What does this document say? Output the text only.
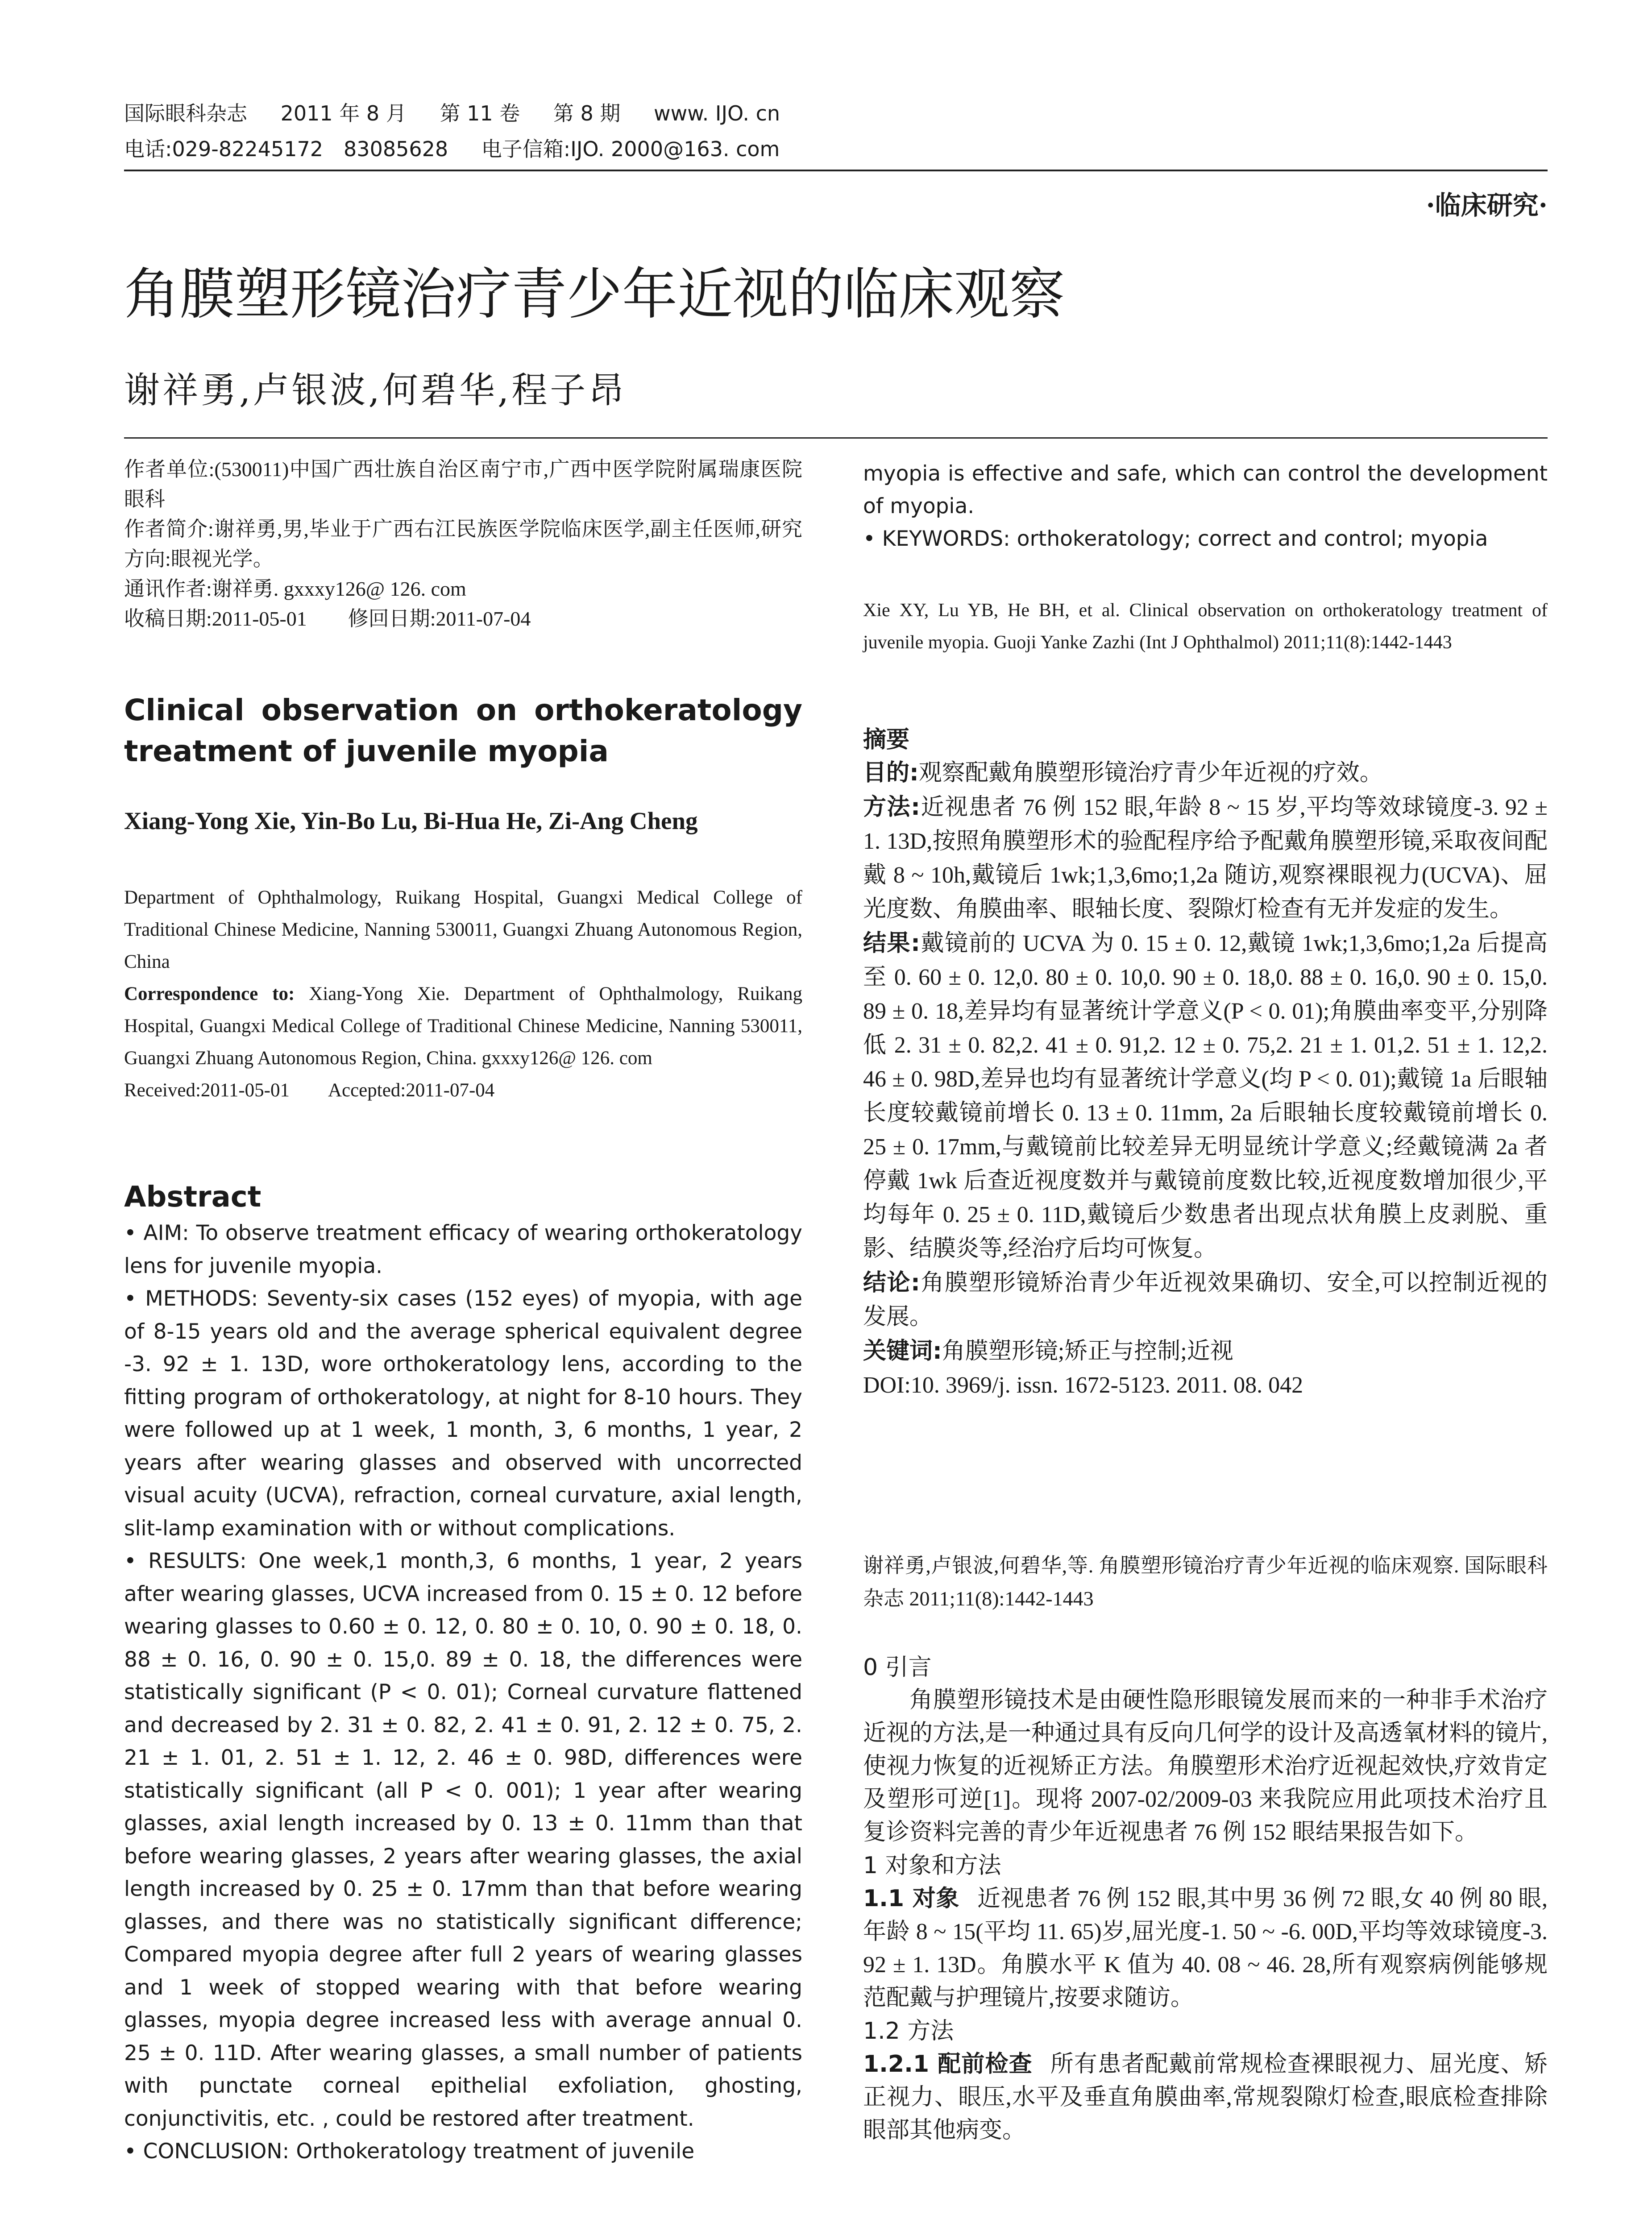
国际眼科杂志 2011 年 8 月 第 11 卷 第 8 期 www. IJO. cn
电话:029-82245172　83085628 电子信箱:IJO. 2000@163. com
·临床研究·
角膜塑形镜治疗青少年近视的临床观察
谢祥勇,卢银波,何碧华,程子昂

作者单位:(530011)中国广西壮族自治区南宁市,广西中医学院附属瑞康医院眼科

作者简介:谢祥勇,男,毕业于广西右江民族医学院临床医学,副主任医师,研究方向:眼视光学。

通讯作者:谢祥勇. gxxxy126@ 126. com

收稿日期:2011-05-01　　修回日期:2011-07-04

Clinical observation on orthokeratology treatment of juvenile myopia
Xiang-Yong Xie, Yin-Bo Lu, Bi-Hua He, Zi-Ang Cheng

Department of Ophthalmology, Ruikang Hospital, Guangxi Medical College of Traditional Chinese Medicine, Nanning 530011, Guangxi Zhuang Autonomous Region, China

Correspondence to: Xiang-Yong Xie. Department of Ophthalmology, Ruikang Hospital, Guangxi Medical College of Traditional Chinese Medicine, Nanning 530011, Guangxi Zhuang Autonomous Region, China. gxxxy126@ 126. com

Received:2011-05-01　　Accepted:2011-07-04

Abstract

• AIM: To observe treatment efficacy of wearing orthokeratology lens for juvenile myopia.

• METHODS: Seventy-six cases (152 eyes) of myopia, with age of 8-15 years old and the average spherical equivalent degree -3. 92 ± 1. 13D, wore orthokeratology lens, according to the fitting program of orthokeratology, at night for 8-10 hours. They were followed up at 1 week, 1 month, 3, 6 months, 1 year, 2 years after wearing glasses and observed with uncorrected visual acuity (UCVA), refraction, corneal curvature, axial length, slit-lamp examination with or without complications.

• RESULTS: One week,1 month,3, 6 months, 1 year, 2 years after wearing glasses, UCVA increased from 0. 15 ± 0. 12 before wearing glasses to 0.60 ± 0. 12, 0. 80 ± 0. 10, 0. 90 ± 0. 18, 0. 88 ± 0. 16, 0. 90 ± 0. 15,0. 89 ± 0. 18, the differences were statistically significant (P < 0. 01); Corneal curvature flattened and decreased by 2. 31 ± 0. 82, 2. 41 ± 0. 91, 2. 12 ± 0. 75, 2. 21 ± 1. 01, 2. 51 ± 1. 12, 2. 46 ± 0. 98D, differences were statistically significant (all P < 0. 001); 1 year after wearing glasses, axial length increased by 0. 13 ± 0. 11mm than that before wearing glasses, 2 years after wearing glasses, the axial length increased by 0. 25 ± 0. 17mm than that before wearing glasses, and there was no statistically significant difference; Compared myopia degree after full 2 years of wearing glasses and 1 week of stopped wearing with that before wearing glasses, myopia degree increased less with average annual 0. 25 ± 0. 11D. After wearing glasses, a small number of patients with punctate corneal epithelial exfoliation, ghosting, conjunctivitis, etc. , could be restored after treatment.

• CONCLUSION: Orthokeratology treatment of juvenile

myopia is effective and safe, which can control the development of myopia.

• KEYWORDS: orthokeratology; correct and control; myopia

Xie XY, Lu YB, He BH, et al. Clinical observation on orthokeratology treatment of juvenile myopia. Guoji Yanke Zazhi (Int J Ophthalmol) 2011;11(8):1442-1443
摘要

目的:观察配戴角膜塑形镜治疗青少年近视的疗效。

方法:近视患者 76 例 152 眼,年龄 8 ~ 15 岁,平均等效球镜度-3. 92 ± 1. 13D,按照角膜塑形术的验配程序给予配戴角膜塑形镜,采取夜间配戴 8 ~ 10h,戴镜后 1wk;1,3,6mo;1,2a 随访,观察裸眼视力(UCVA)、屈光度数、角膜曲率、眼轴长度、裂隙灯检查有无并发症的发生。

结果:戴镜前的 UCVA 为 0. 15 ± 0. 12,戴镜 1wk;1,3,6mo;1,2a 后提高至 0. 60 ± 0. 12,0. 80 ± 0. 10,0. 90 ± 0. 18,0. 88 ± 0. 16,0. 90 ± 0. 15,0. 89 ± 0. 18,差异均有显著统计学意义(P < 0. 01);角膜曲率变平,分别降低 2. 31 ± 0. 82,2. 41 ± 0. 91,2. 12 ± 0. 75,2. 21 ± 1. 01,2. 51 ± 1. 12,2. 46 ± 0. 98D,差异也均有显著统计学意义(均 P < 0. 01);戴镜 1a 后眼轴长度较戴镜前增长 0. 13 ± 0. 11mm, 2a 后眼轴长度较戴镜前增长 0. 25 ± 0. 17mm,与戴镜前比较差异无明显统计学意义;经戴镜满 2a 者停戴 1wk 后查近视度数并与戴镜前度数比较,近视度数增加很少,平均每年 0. 25 ± 0. 11D,戴镜后少数患者出现点状角膜上皮剥脱、重影、结膜炎等,经治疗后均可恢复。

结论:角膜塑形镜矫治青少年近视效果确切、安全,可以控制近视的发展。

关键词:角膜塑形镜;矫正与控制;近视

DOI:10. 3969/j. issn. 1672-5123. 2011. 08. 042

谢祥勇,卢银波,何碧华,等. 角膜塑形镜治疗青少年近视的临床观察. 国际眼科杂志 2011;11(8):1442-1443

0 引言

角膜塑形镜技术是由硬性隐形眼镜发展而来的一种非手术治疗近视的方法,是一种通过具有反向几何学的设计及高透氧材料的镜片,使视力恢复的近视矫正方法。角膜塑形术治疗近视起效快,疗效肯定及塑形可逆[1]。现将 2007-02/2009-03 来我院应用此项技术治疗且复诊资料完善的青少年近视患者 76 例 152 眼结果报告如下。

1 对象和方法

1.1 对象 近视患者 76 例 152 眼,其中男 36 例 72 眼,女 40 例 80 眼,年龄 8 ~ 15(平均 11. 65)岁,屈光度-1. 50 ~ -6. 00D,平均等效球镜度-3. 92 ± 1. 13D。角膜水平 K 值为 40. 08 ~ 46. 28,所有观察病例能够规范配戴与护理镜片,按要求随访。

1.2 方法

1.2.1 配前检查 所有患者配戴前常规检查裸眼视力、屈光度、矫正视力、眼压,水平及垂直角膜曲率,常规裂隙灯检查,眼底检查排除眼部其他病变。
